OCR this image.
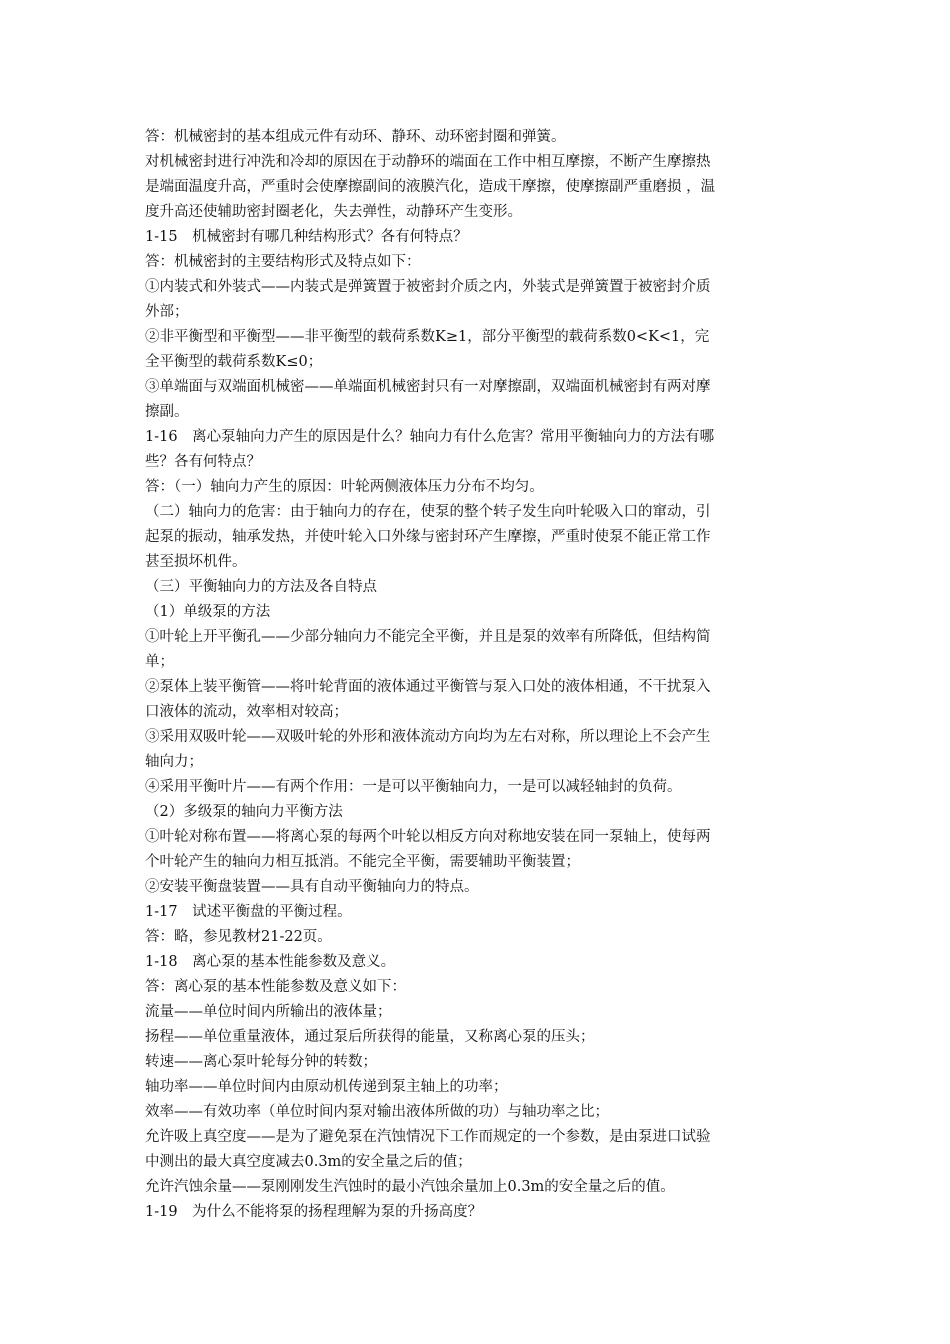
答：机械密封的基本组成元件有动环、静环、动环密封圈和弹簧。
对机械密封进行冲洗和冷却的原因在于动静环的端面在工作中相互摩擦，不断产生摩擦热
是端面温度升高，严重时会使摩擦副间的液膜汽化，造成干摩擦，使摩擦副严重磨损 ，温
度升高还使辅助密封圈老化，失去弹性，动静环产生变形。
1-15　机械密封有哪几种结构形式？各有何特点？
答：机械密封的主要结构形式及特点如下：
①内装式和外装式——内装式是弹簧置于被密封介质之内，外装式是弹簧置于被密封介质
外部；
②非平衡型和平衡型——非平衡型的载荷系数K≥1，部分平衡型的载荷系数0<K<1，完
全平衡型的载荷系数K≤0；
③单端面与双端面机械密——单端面机械密封只有一对摩擦副，双端面机械密封有两对摩
擦副。
1-16　离心泵轴向力产生的原因是什么？轴向力有什么危害？常用平衡轴向力的方法有哪
些？各有何特点？
答：（一）轴向力产生的原因：叶轮两侧液体压力分布不均匀。
（二）轴向力的危害：由于轴向力的存在，使泵的整个转子发生向叶轮吸入口的窜动，引
起泵的振动，轴承发热，并使叶轮入口外缘与密封环产生摩擦，严重时使泵不能正常工作
甚至损坏机件。
（三）平衡轴向力的方法及各自特点
（1）单级泵的方法
①叶轮上开平衡孔——少部分轴向力不能完全平衡，并且是泵的效率有所降低，但结构简
单；
②泵体上装平衡管——将叶轮背面的液体通过平衡管与泵入口处的液体相通，不干扰泵入
口液体的流动，效率相对较高；
③采用双吸叶轮——双吸叶轮的外形和液体流动方向均为左右对称，所以理论上不会产生
轴向力；
④采用平衡叶片——有两个作用：一是可以平衡轴向力，一是可以减轻轴封的负荷。
（2）多级泵的轴向力平衡方法
①叶轮对称布置——将离心泵的每两个叶轮以相反方向对称地安装在同一泵轴上，使每两
个叶轮产生的轴向力相互抵消。不能完全平衡，需要辅助平衡装置；
②安装平衡盘装置——具有自动平衡轴向力的特点。
1-17　试述平衡盘的平衡过程。
答：略，参见教材21-22页。
1-18　离心泵的基本性能参数及意义。
答：离心泵的基本性能参数及意义如下：
流量——单位时间内所输出的液体量；
扬程——单位重量液体，通过泵后所获得的能量，又称离心泵的压头；
转速——离心泵叶轮每分钟的转数；
轴功率——单位时间内由原动机传递到泵主轴上的功率；
效率——有效功率（单位时间内泵对输出液体所做的功）与轴功率之比；
允许吸上真空度——是为了避免泵在汽蚀情况下工作而规定的一个参数，是由泵进口试验
中测出的最大真空度减去0.3m的安全量之后的值；
允许汽蚀余量——泵刚刚发生汽蚀时的最小汽蚀余量加上0.3m的安全量之后的值。
1-19　为什么不能将泵的扬程理解为泵的升扬高度？
